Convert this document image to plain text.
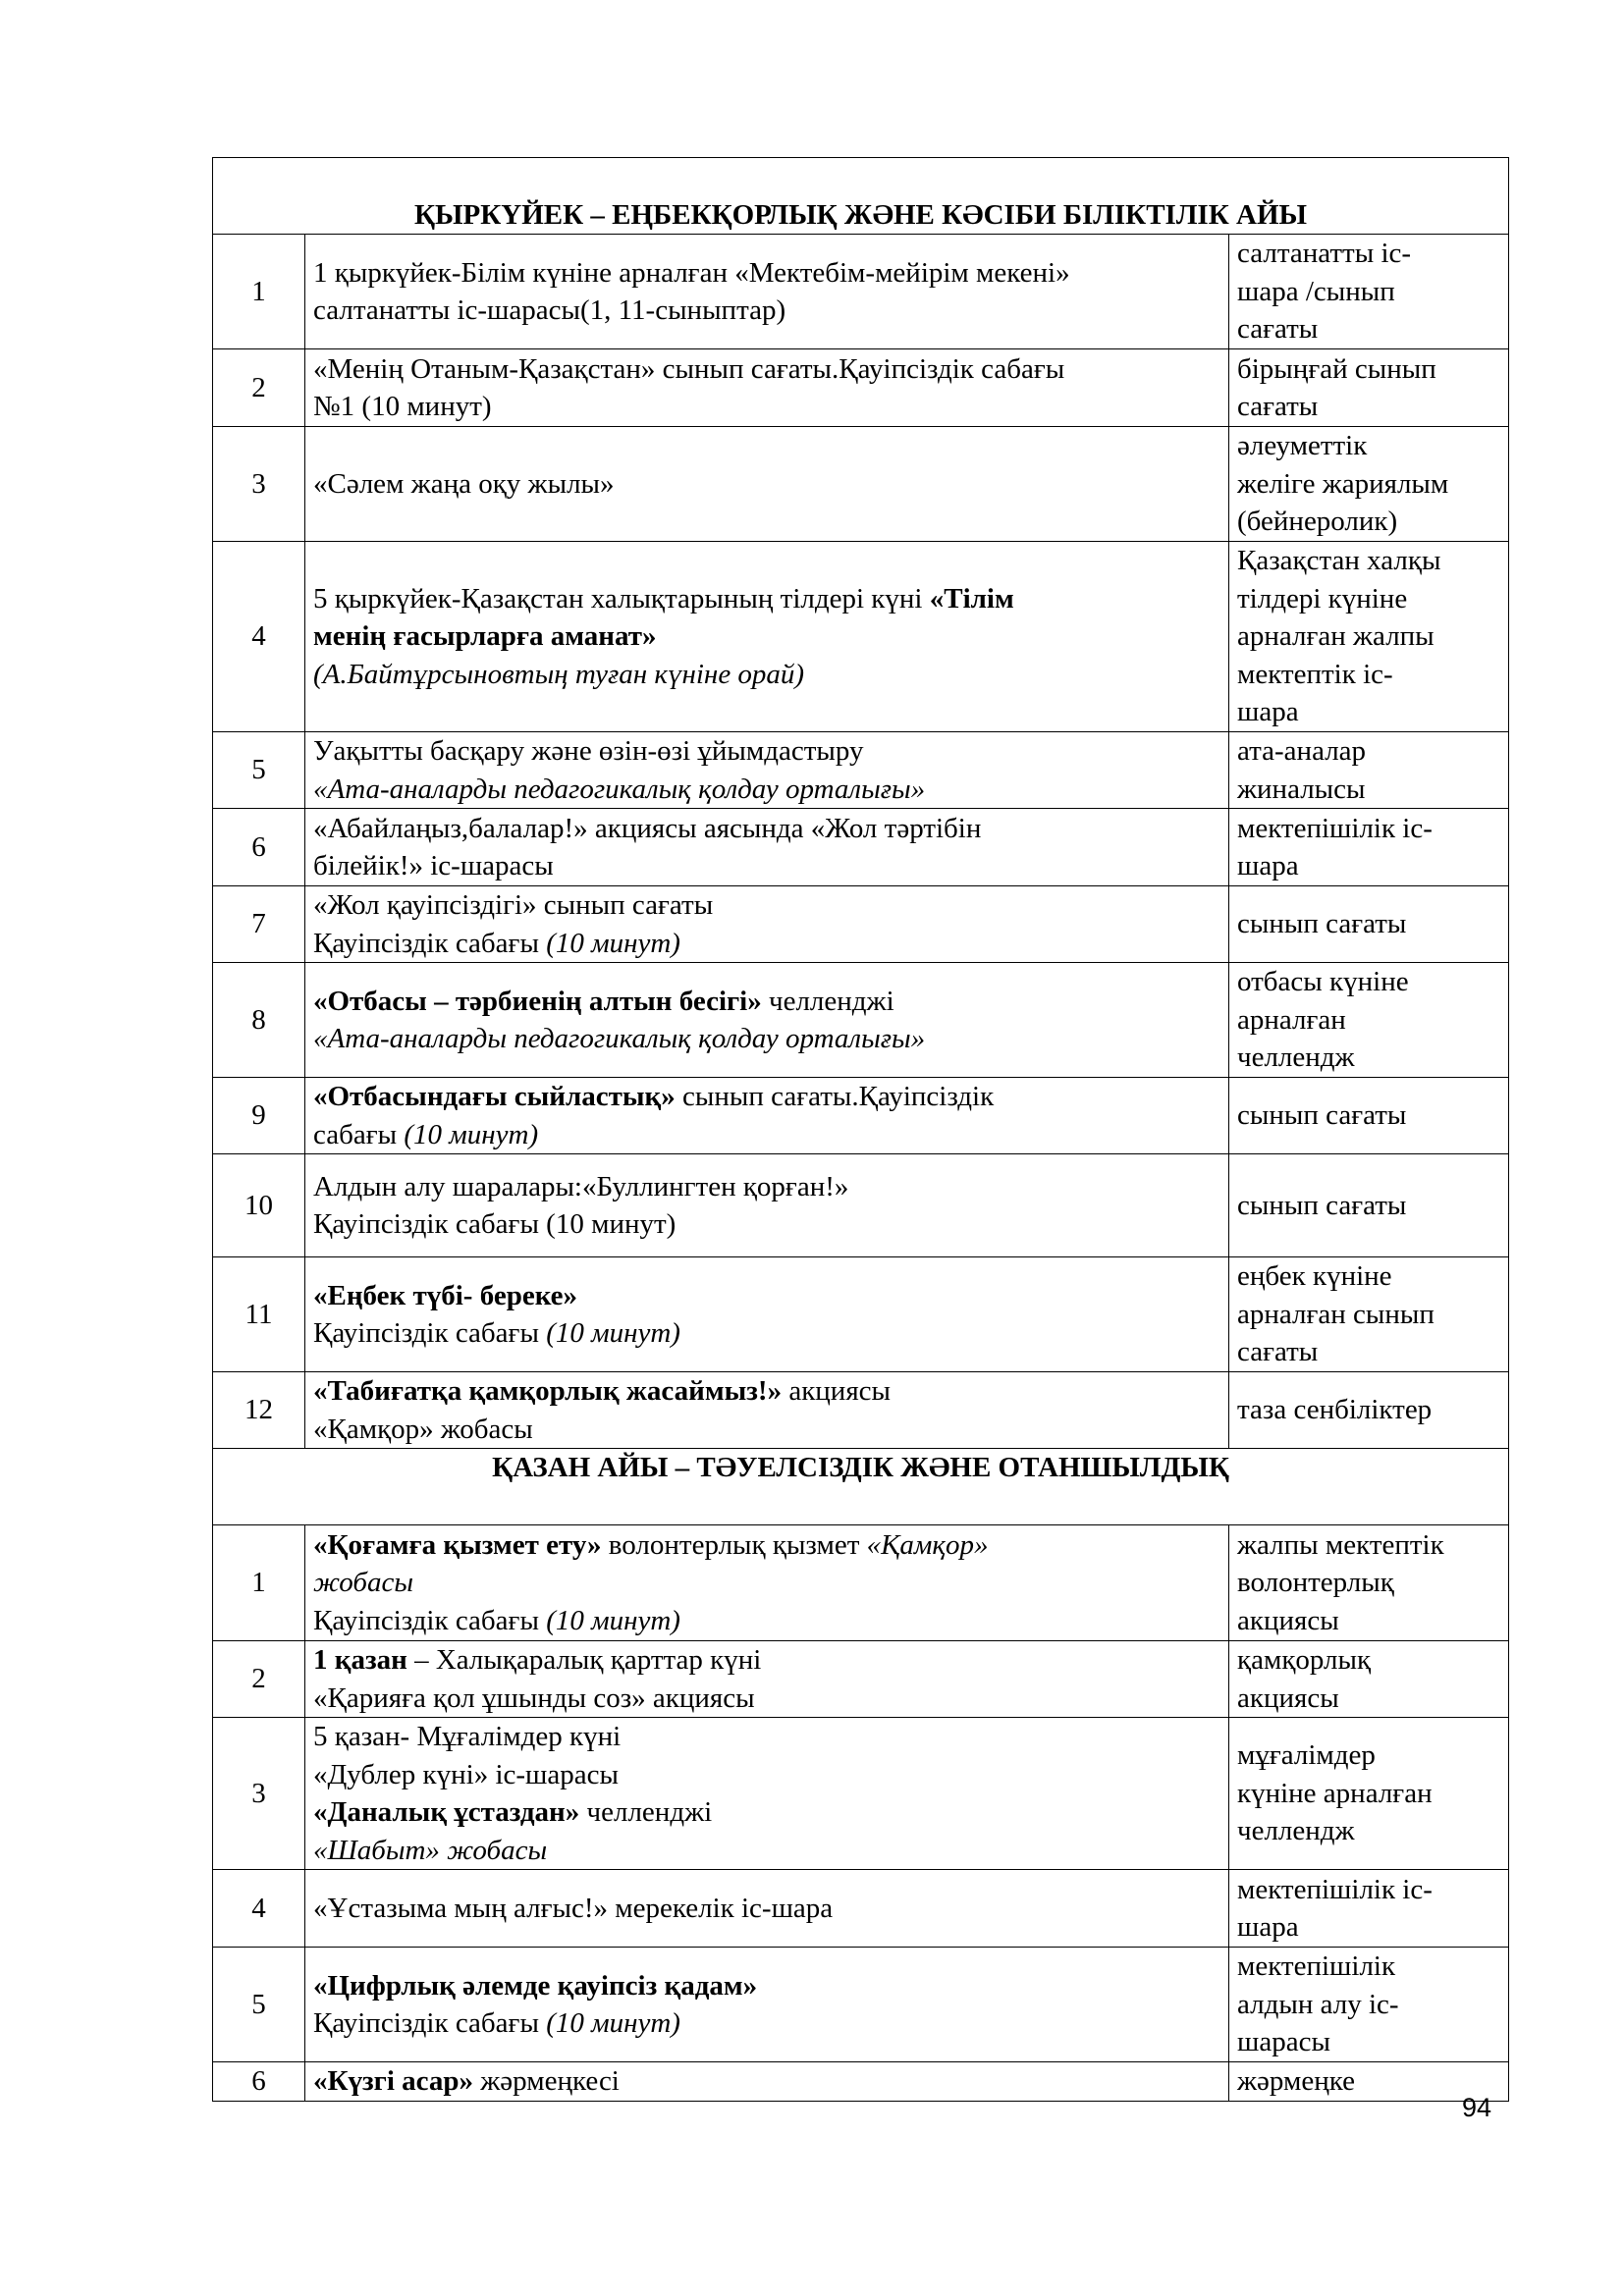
ҚЫРКҮЙЕК – ЕҢБЕКҚОРЛЫҚ ЖӘНЕ КӘСІБИ БІЛІКТІЛІК АЙЫ		
1	1 қыркүйек-Білім күніне арналған «Мектебім-мейірім мекені»
салтанатты іс-шарасы(1, 11-сыныптар)	салтанатты іс-
шара /сынып
сағаты

2	«Менің Отаным-Қазақстан» сынып сағаты.Қауіпсіздік сабағы
№1 (10 минут)	бірыңғай сынып
сағаты

3	«Сәлем жаңа оқу жылы»	әлеуметтік
желіге жариялым
(бейнеролик)

4	5 қыркүйек-Қазақстан халықтарының тілдері күні «Тілім
менің ғасырларға аманат»
(А.Байтұрсыновтың туған күніне орай)	Қазақстан халқы
тілдері күніне
арналған жалпы
мектептік іс-
шара

5	Уақытты басқару және өзін-өзі ұйымдастыру
«Ата-аналарды педагогикалық қолдау орталығы»	ата-аналар
жиналысы

6	«Абайлаңыз,балалар!» акциясы аясында «Жол тәртібін
білейік!» іс-шарасы	мектепішілік іс-
шара

7	«Жол қауіпсіздігі» сынып сағаты
Қауіпсіздік сабағы (10 минут)	сынып сағаты

8	«Отбасы – тәрбиенің алтын бесігі» челленджі
«Ата-аналарды педагогикалық қолдау орталығы»	отбасы күніне
арналған
челлендж

9	«Отбасындағы сыйластық» сынып сағаты.Қауіпсіздік
сабағы (10 минут)	сынып сағаты

10	Алдын алу шаралары:«Буллингтен қорған!»
Қауіпсіздік сабағы (10 минут)	сынып сағаты

11	«Еңбек түбі- береке»
Қауіпсіздік сабағы (10 минут)	еңбек күніне
арналған сынып
сағаты

12	«Табиғатқа қамқорлық жасаймыз!» акциясы
«Қамқор» жобасы	таза сенбіліктер

ҚАЗАН АЙЫ – ТӘУЕЛСІЗДІК ЖӘНЕ ОТАНШЫЛДЫҚ		
1	«Қоғамға қызмет ету» волонтерлық қызмет «Қамқор»
жобасы
Қауіпсіздік сабағы (10 минут)	жалпы мектептік
волонтерлық
акциясы

2	1 қазан – Халықаралық қарттар күні
«Қарияға қол ұшынды соз» акциясы	қамқорлық
акциясы

3	5 қазан- Мұғалімдер күні
«Дублер күні» іс-шарасы
«Даналық ұстаздан» челленджі
«Шабыт» жобасы	мұғалімдер
күніне арналған
челлендж

4	«Ұстазыма мың алғыс!» мерекелік іс-шара	мектепішілік іс-
шара

5	«Цифрлық әлемде қауіпсіз қадам»
Қауіпсіздік сабағы (10 минут)	мектепішілік
алдын алу іс-
шарасы

6	«Күзгі асар» жәрмеңкесі	жәрмеңке
94
